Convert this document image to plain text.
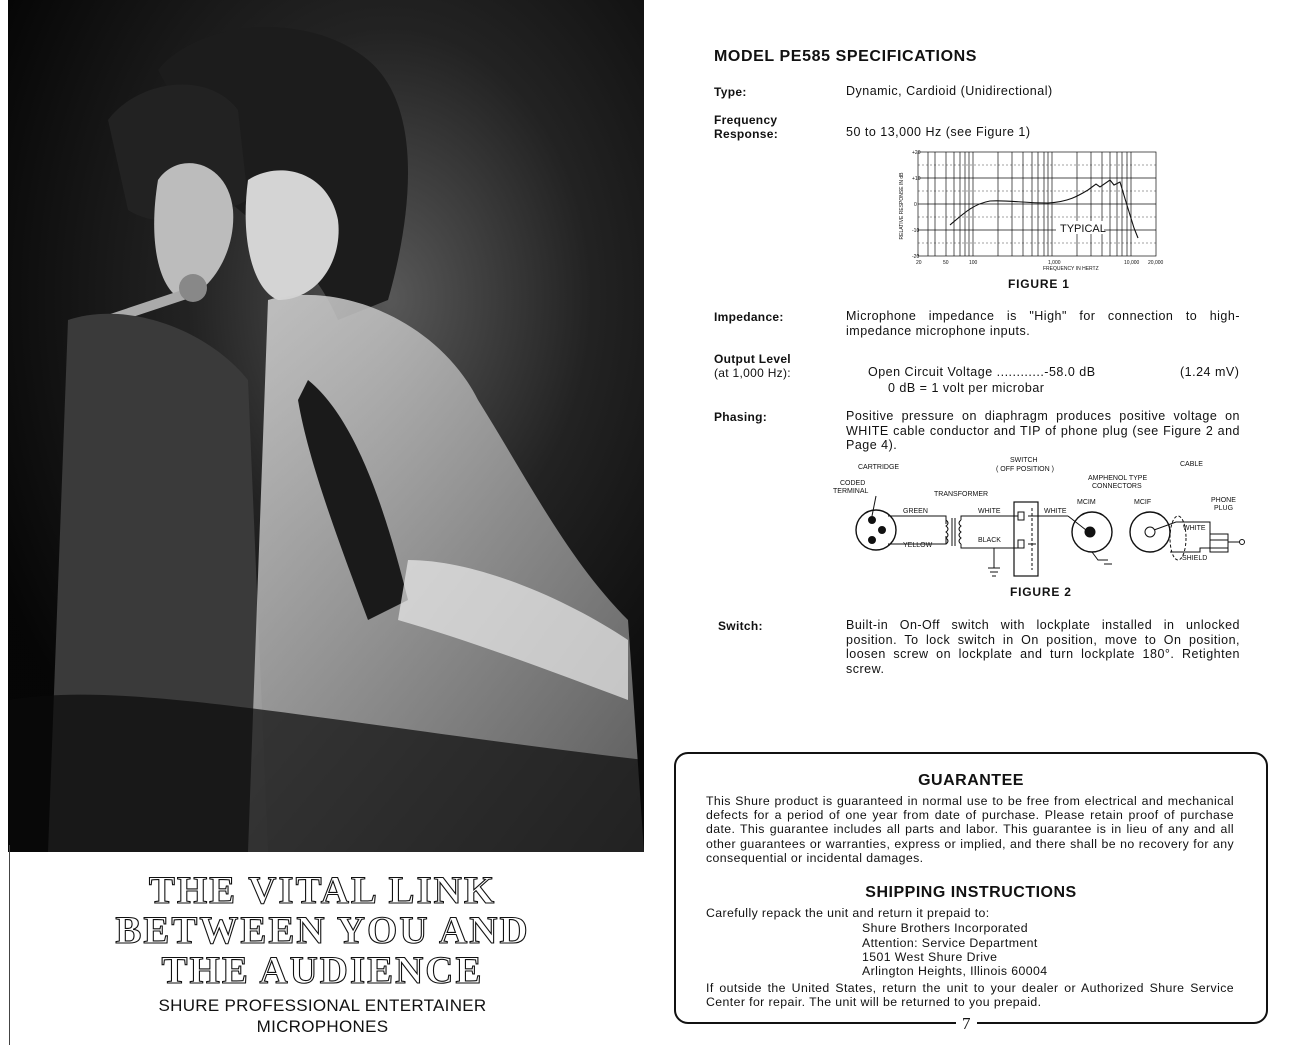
THE VITAL LINK
BETWEEN YOU AND
THE AUDIENCE
SHURE PROFESSIONAL ENTERTAINER
MICROPHONES
MODEL PE585 SPECIFICATIONS
Type:	Dynamic, Cardioid (Unidirectional)
Frequency
Response:	50 to 13,000 Hz (see Figure 1)
RELATIVE RESPONSE IN dB
+20
+10
0
-10
-20
20	50	100	1,000	10,000 20,000
FREQUENCY IN HERTZ
TYPICAL
FIGURE 1
Impedance:	Microphone impedance is "High" for connection to high-impedance microphone inputs.
Output Level
(at 1,000 Hz):	Open Circuit Voltage ............-58.0 dB	(1.24 mV)
0 dB = 1 volt per microbar
Phasing:	Positive pressure on diaphragm produces positive voltage on WHITE cable conductor and TIP of phone plug (see Figure 2 and Page 4).
CARTRIDGE
CODED
TERMINAL	TRANSFORMER
SWITCH
( OFF POSITION )
AMPHENOL TYPE
CONNECTORS
CABLE
MCIM	MCIF	PHONE
PLUG
GREEN
YELLOW
WHITE	WHITE
BLACK
WHITE
SHIELD
FIGURE 2
Switch:	Built-in On-Off switch with lockplate installed in unlocked position. To lock switch in On position, move to On position, loosen screw on lockplate and turn lockplate 180°. Retighten screw.
GUARANTEE
This Shure product is guaranteed in normal use to be free from electrical and mechanical defects for a period of one year from date of purchase. Please retain proof of purchase date. This guarantee includes all parts and labor. This guarantee is in lieu of any and all other guarantees or warranties, express or implied, and there shall be no recovery for any consequential or incidental damages.
SHIPPING INSTRUCTIONS
Carefully repack the unit and return it prepaid to:
Shure Brothers Incorporated
Attention: Service Department
1501 West Shure Drive
Arlington Heights, Illinois 60004
If outside the United States, return the unit to your dealer or Authorized Shure Service Center for repair. The unit will be returned to you prepaid.
7
